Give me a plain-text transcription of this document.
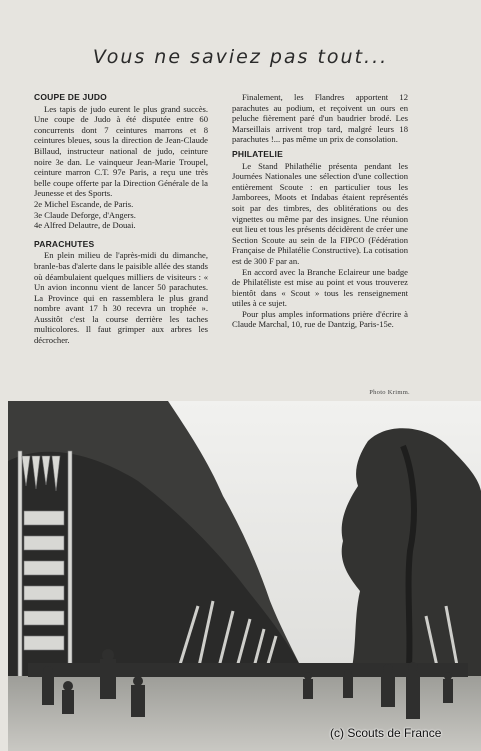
Vous ne saviez pas tout...
COUPE DE JUDO

Les tapis de judo eurent le plus grand succès. Une coupe de Judo à été disputée entre 60 concurrents dont 7 ceintures marrons et 8 ceintures bleues, sous la direction de Jean-Claude Billaud, instructeur national de judo, ceinture noire 3e dan. Le vainqueur Jean-Marie Troupel, ceinture marron C.T. 97e Paris, a reçu une très belle coupe offerte par la Direction Générale de la Jeunesse et des Sports.

2e Michel Escande, de Paris.

3e Claude Deforge, d'Angers.

4e Alfred Delautre, de Douai.

PARACHUTES

En plein milieu de l'après-midi du dimanche, branle-bas d'alerte dans le paisible allée des stands où déambulaient quelques milliers de visiteurs : « Un avion inconnu vient de lancer 50 parachutes. La Province qui en rassemblera le plus grand nombre avant 17 h 30 recevra un trophée ». Aussitôt c'est la course derrière les taches multicolores. Il faut grimper aux arbres les décrocher.

Finalement, les Flandres apportent 12 parachutes au podium, et reçoivent un ours en peluche fièrement paré d'un baudrier brodé. Les Marseillais arrivent trop tard, malgré leurs 18 parachutes !... pas même un prix de consolation.

PHILATELIE

Le Stand Philathélie présenta pendant les Journées Nationales une sélection d'une collection entièrement Scoute : en particulier tous les Jamborees, Moots et Indabas étaient représentés soit par des timbres, des oblitérations ou des vignettes ou même par des insignes. Une réunion eut lieu et tous les présents décidèrent de créer une Section Scoute au sein de la FIPCO (Fédération Française de Philatélie Constructive). La cotisation est de 300 F par an.

En accord avec la Branche Eclaireur une badge de Philatéliste est mise au point et vous trouverez bientôt dans « Scout » tous les renseignement utiles à ce sujet.

Pour plus amples informations prière d'écrire à Claude Marchal, 10, rue de Dantzig, Paris-15e.

Photo Krimm.
(c) Scouts de France
